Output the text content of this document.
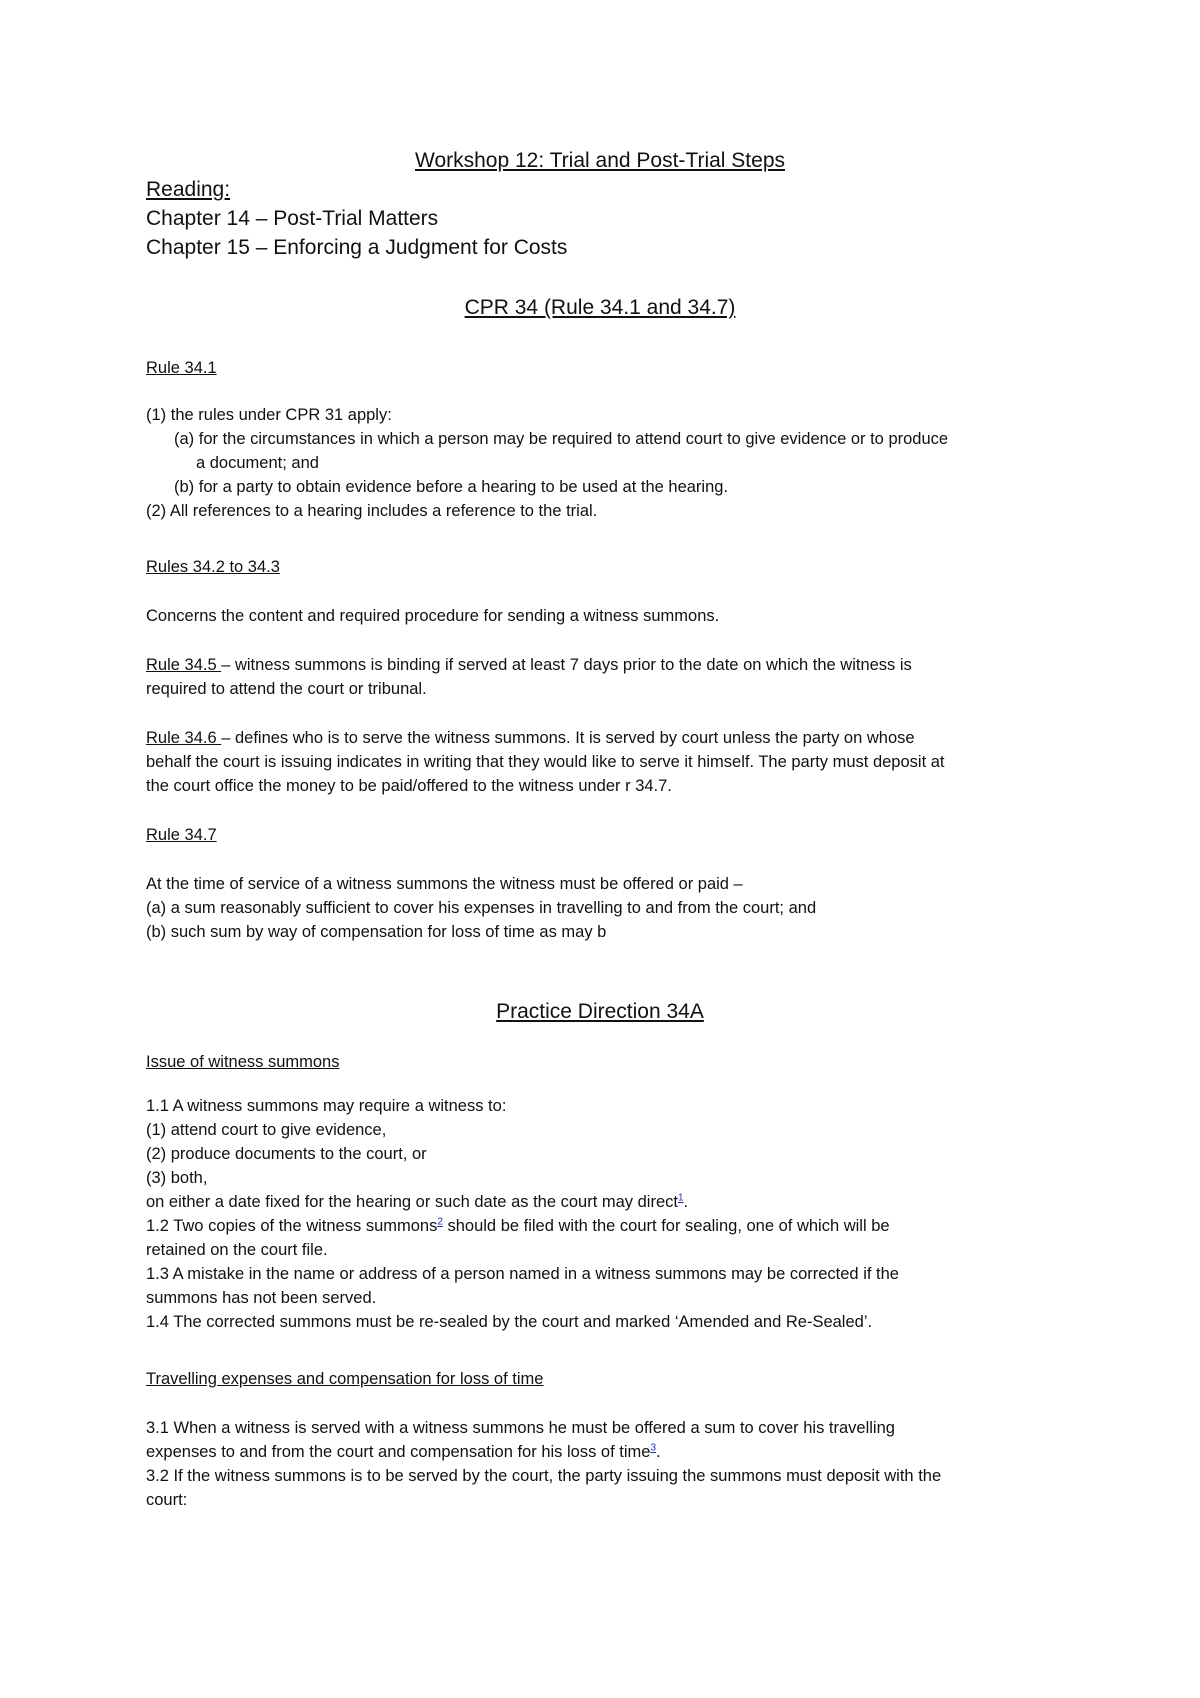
Workshop 12: Trial and Post-Trial Steps
Reading:
Chapter 14 – Post-Trial Matters
Chapter 15 – Enforcing a Judgment for Costs
CPR 34 (Rule 34.1 and 34.7)
Rule 34.1
(1) the rules under CPR 31 apply:
(a) for the circumstances in which a person may be required to attend court to give evidence or to produce
a document; and
(b) for a party to obtain evidence before a hearing to be used at the hearing.
(2) All references to a hearing includes a reference to the trial.
Rules 34.2 to 34.3
Concerns the content and required procedure for sending a witness summons.
Rule 34.5 – witness summons is binding if served at least 7 days prior to the date on which the witness is
required to attend the court or tribunal.
Rule 34.6 – defines who is to serve the witness summons. It is served by court unless the party on whose
behalf the court is issuing indicates in writing that they would like to serve it himself. The party must deposit at
the court office the money to be paid/offered to the witness under r 34.7.
Rule 34.7
At the time of service of a witness summons the witness must be offered or paid –
(a) a sum reasonably sufficient to cover his expenses in travelling to and from the court; and
(b) such sum by way of compensation for loss of time as may b
Practice Direction 34A
Issue of witness summons
1.1 A witness summons may require a witness to:
(1) attend court to give evidence,
(2) produce documents to the court, or
(3) both,
on either a date fixed for the hearing or such date as the court may direct$^1$.
1.2 Two copies of the witness summons$^2$ should be filed with the court for sealing, one of which will be
retained on the court file.
1.3 A mistake in the name or address of a person named in a witness summons may be corrected if the
summons has not been served.
1.4 The corrected summons must be re-sealed by the court and marked ‘Amended and Re-Sealed’.
Travelling expenses and compensation for loss of time
3.1 When a witness is served with a witness summons he must be offered a sum to cover his travelling
expenses to and from the court and compensation for his loss of time$^3$.
3.2 If the witness summons is to be served by the court, the party issuing the summons must deposit with the
court:
